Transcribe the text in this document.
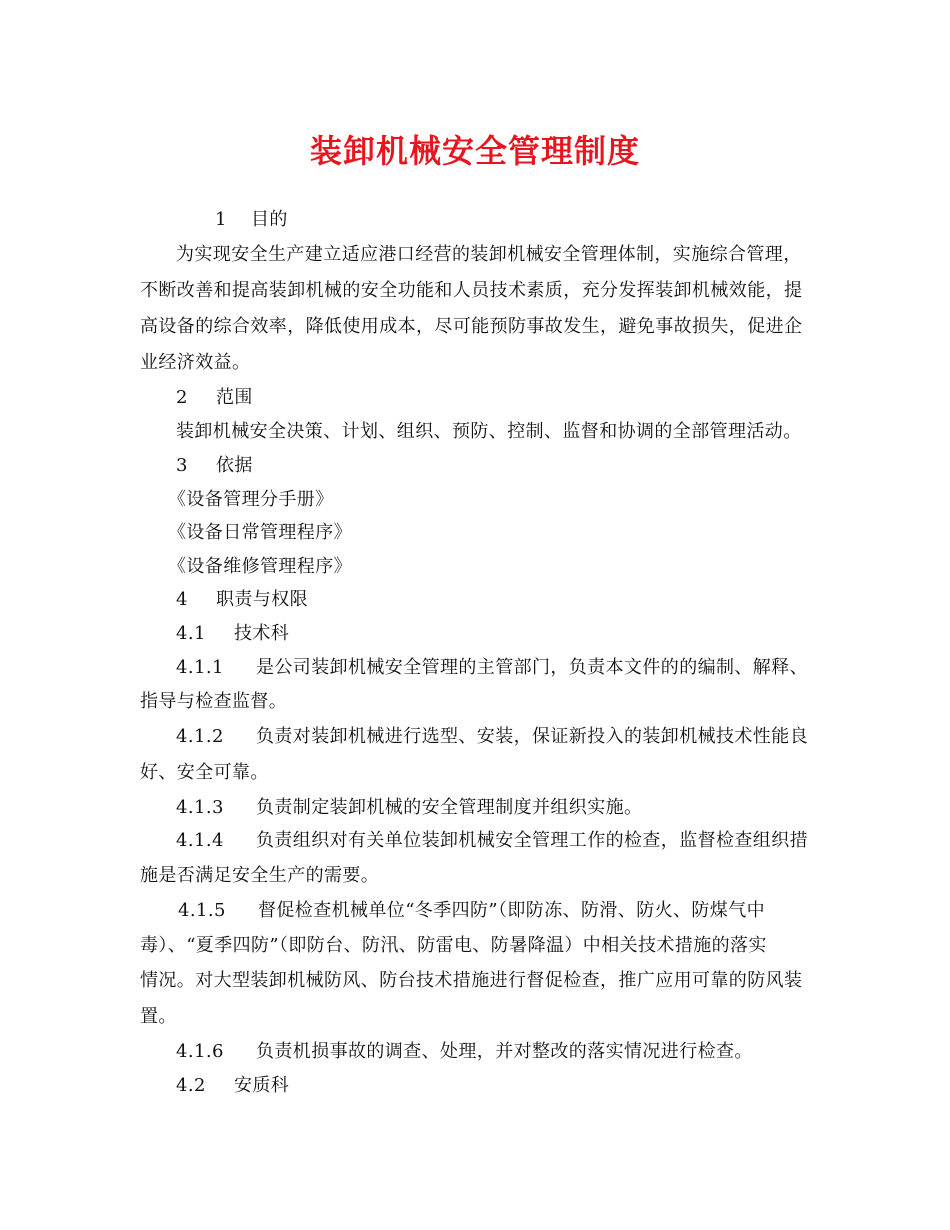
装卸机械安全管理制度
1 目的
为实现安全生产建立适应港口经营的装卸机械安全管理体制，实施综合管理，
不断改善和提高装卸机械的安全功能和人员技术素质，充分发挥装卸机械效能，提
高设备的综合效率，降低使用成本，尽可能预防事故发生，避免事故损失，促进企
业经济效益。
2 范围
装卸机械安全决策、计划、组织、预防、控制、监督和协调的全部管理活动。
3 依据
《设备管理分手册》
《设备日常管理程序》
《设备维修管理程序》
4 职责与权限
4.1 技术科
4.1.1 是公司装卸机械安全管理的主管部门，负责本文件的的编制、解释、
指导与检查监督。
4.1.2 负责对装卸机械进行选型、安装，保证新投入的装卸机械技术性能良
好、安全可靠。
4.1.3 负责制定装卸机械的安全管理制度并组织实施。
4.1.4 负责组织对有关单位装卸机械安全管理工作的检查，监督检查组织措
施是否满足安全生产的需要。
4.1.5 督促检查机械单位“冬季四防”（即防冻、防滑、防火、防煤气中
毒）、“夏季四防”（即防台、防汛、防雷电、防暑降温）中相关技术措施的落实
情况。对大型装卸机械防风、防台技术措施进行督促检查，推广应用可靠的防风装
置。
4.1.6 负责机损事故的调查、处理，并对整改的落实情况进行检查。
4.2 安质科
